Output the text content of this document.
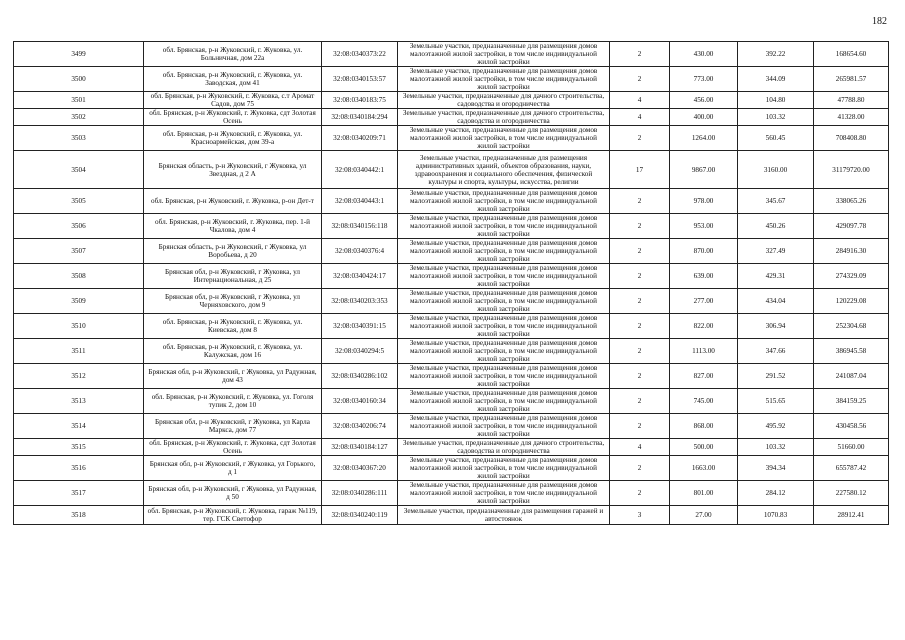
182
3499	обл. Брянская, р-н Жуковский, г. Жуковка, ул. Больничная, дом 22а	32:08:0340373:22	Земельные участки, предназначенные для размещения домов малоэтажной жилой застройки, в том числе индивидуальной жилой застройки	2	430.00	392.22	168654.60
3500	обл. Брянская, р-н Жуковский, г. Жуковка, ул. Заводская, дом 41	32:08:0340153:57	Земельные участки, предназначенные для размещения домов малоэтажной жилой застройки, в том числе индивидуальной жилой застройки	2	773.00	344.09	265981.57
3501	обл. Брянская, р-н Жуковский, г. Жуковка, с.т Аромат Садов, дом 75	32:08:0340183:75	Земельные участки, предназначенные для дачного строительства, садоводства и огородничества	4	456.00	104.80	47788.80
3502	обл. Брянская, р-н Жуковский, г. Жуковка, сдт Золотая Осень	32:08:0340184:294	Земельные участки, предназначенные для дачного строительства, садоводства и огородничества	4	400.00	103.32	41328.00
3503	обл. Брянская, р-н Жуковский, г. Жуковка, ул. Красноармейская, дом 39-а	32:08:0340209:71	Земельные участки, предназначенные для размещения домов малоэтажной жилой застройки, в том числе индивидуальной жилой застройки	2	1264.00	560.45	708408.80
3504	Брянская область, р-н Жуковский, г Жуковка, ул Звездная, д 2 А	32:08:0340442:1	Земельные участки, предназначенные для размещения административных зданий, объектов образования, науки, здравоохранения и социального обеспечения, физической культуры и спорта, культуры, искусства, религии	17	9867.00	3160.00	31179720.00
3505	обл. Брянская, р-н Жуковский, г. Жуковка, р-он Дет-т	32:08:0340443:1	Земельные участки, предназначенные для размещения домов малоэтажной жилой застройки, в том числе индивидуальной жилой застройки	2	978.00	345.67	338065.26
3506	обл. Брянская, р-н Жуковский, г. Жуковка, пер. 1-й Чкалова, дом 4	32:08:0340156:118	Земельные участки, предназначенные для размещения домов малоэтажной жилой застройки, в том числе индивидуальной жилой застройки	2	953.00	450.26	429097.78
3507	Брянская область, р-н Жуковский, г Жуковка, ул Воробьева, д 20	32:08:0340376:4	Земельные участки, предназначенные для размещения домов малоэтажной жилой застройки, в том числе индивидуальной жилой застройки	2	870.00	327.49	284916.30
3508	Брянская обл, р-н Жуковский, г Жуковка, ул Интернациональная, д 25	32:08:0340424:17	Земельные участки, предназначенные для размещения домов малоэтажной жилой застройки, в том числе индивидуальной жилой застройки	2	639.00	429.31	274329.09
3509	Брянская обл, р-н Жуковский, г Жуковка, ул Черняховского, дом 9	32:08:0340203:353	Земельные участки, предназначенные для размещения домов малоэтажной жилой застройки, в том числе индивидуальной жилой застройки	2	277.00	434.04	120229.08
3510	обл. Брянская, р-н Жуковский, г. Жуковка, ул. Киевская, дом 8	32:08:0340391:15	Земельные участки, предназначенные для размещения домов малоэтажной жилой застройки, в том числе индивидуальной жилой застройки	2	822.00	306.94	252304.68
3511	обл. Брянская, р-н Жуковский, г. Жуковка, ул. Калужская, дом 16	32:08:0340294:5	Земельные участки, предназначенные для размещения домов малоэтажной жилой застройки, в том числе индивидуальной жилой застройки	2	1113.00	347.66	386945.58
3512	Брянская обл, р-н Жуковский, г Жуковка, ул Радужная, дом 43	32:08:0340286:102	Земельные участки, предназначенные для размещения домов малоэтажной жилой застройки, в том числе индивидуальной жилой застройки	2	827.00	291.52	241087.04
3513	обл. Брянская, р-н Жуковский, г. Жуковка, ул. Гоголя тупик 2, дом 10	32:08:0340160:34	Земельные участки, предназначенные для размещения домов малоэтажной жилой застройки, в том числе индивидуальной жилой застройки	2	745.00	515.65	384159.25
3514	Брянская обл, р-н Жуковский, г Жуковка, ул Карла Маркса, дом 77	32:08:0340206:74	Земельные участки, предназначенные для размещения домов малоэтажной жилой застройки, в том числе индивидуальной жилой застройки	2	868.00	495.92	430458.56
3515	обл. Брянская, р-н Жуковский, г. Жуковка, сдт Золотая Осень	32:08:0340184:127	Земельные участки, предназначенные для дачного строительства, садоводства и огородничества	4	500.00	103.32	51660.00
3516	Брянская обл, р-н Жуковский, г Жуковка, ул Горького, д 1	32:08:0340367:20	Земельные участки, предназначенные для размещения домов малоэтажной жилой застройки, в том числе индивидуальной жилой застройки	2	1663.00	394.34	655787.42
3517	Брянская обл, р-н Жуковский, г Жуковка, ул Радужная, д 50	32:08:0340286:111	Земельные участки, предназначенные для размещения домов малоэтажной жилой застройки, в том числе индивидуальной жилой застройки	2	801.00	284.12	227580.12
3518	обл. Брянская, р-н Жуковский, г. Жуковка, гараж №119, тер. ГСК Светофор	32:08:0340240:119	Земельные участки, предназначенные для размещения гаражей и автостоянок	3	27.00	1070.83	28912.41
